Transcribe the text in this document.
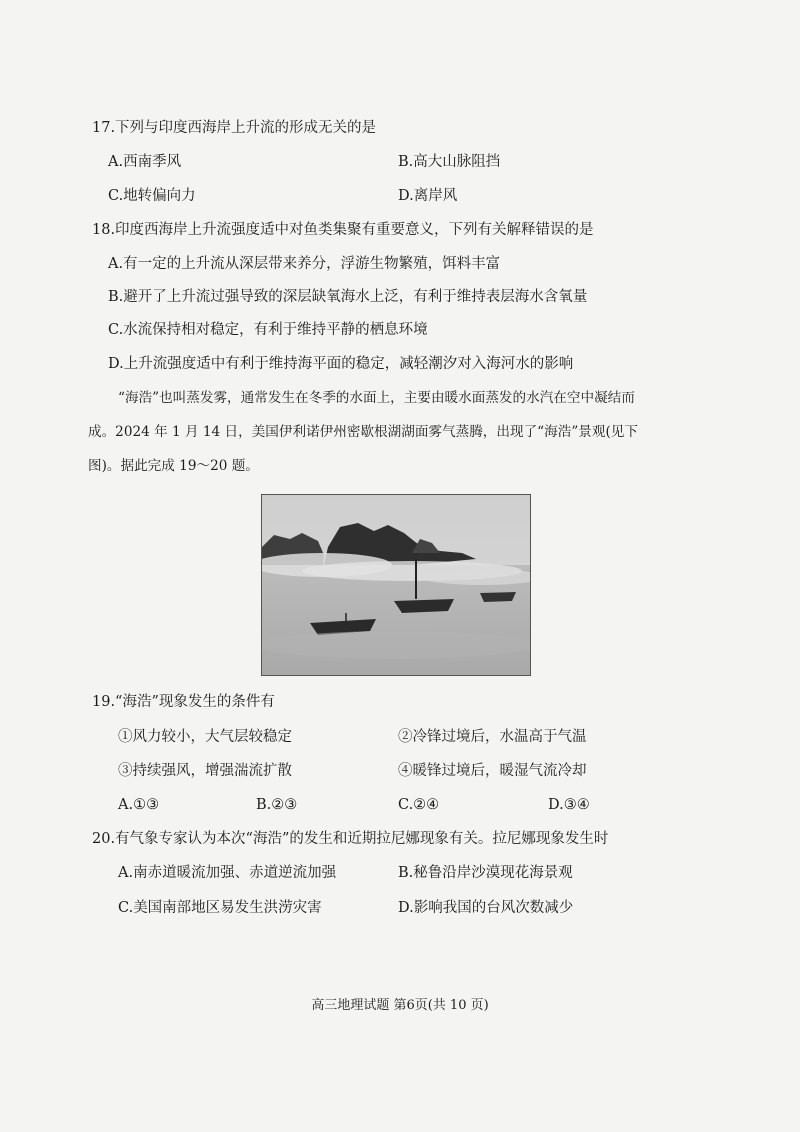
17.下列与印度西海岸上升流的形成无关的是
A.西南季风	B.高大山脉阻挡
C.地转偏向力	D.离岸风
18.印度西海岸上升流强度适中对鱼类集聚有重要意义，下列有关解释错误的是
A.有一定的上升流从深层带来养分，浮游生物繁殖，饵料丰富
B.避开了上升流过强导致的深层缺氧海水上泛，有利于维持表层海水含氧量
C.水流保持相对稳定，有利于维持平静的栖息环境
D.上升流强度适中有利于维持海平面的稳定，减轻潮汐对入海河水的影响
“海浩”也叫蒸发雾，通常发生在冬季的水面上，主要由暖水面蒸发的水汽在空中凝结而
成。2024 年 1 月 14 日，美国伊利诺伊州密歇根湖湖面雾气蒸腾，出现了“海浩”景观(见下
图)。据此完成 19～20 题。
19.“海浩”现象发生的条件有
①风力较小，大气层较稳定	②冷锋过境后，水温高于气温
③持续强风，增强湍流扩散	④暖锋过境后，暖湿气流冷却
A.①③	B.②③	C.②④	D.③④
20.有气象专家认为本次“海浩”的发生和近期拉尼娜现象有关。拉尼娜现象发生时
A.南赤道暖流加强、赤道逆流加强	B.秘鲁沿岸沙漠现花海景观
C.美国南部地区易发生洪涝灾害	D.影响我国的台风次数减少
高三地理试题 第6页(共 10 页)
